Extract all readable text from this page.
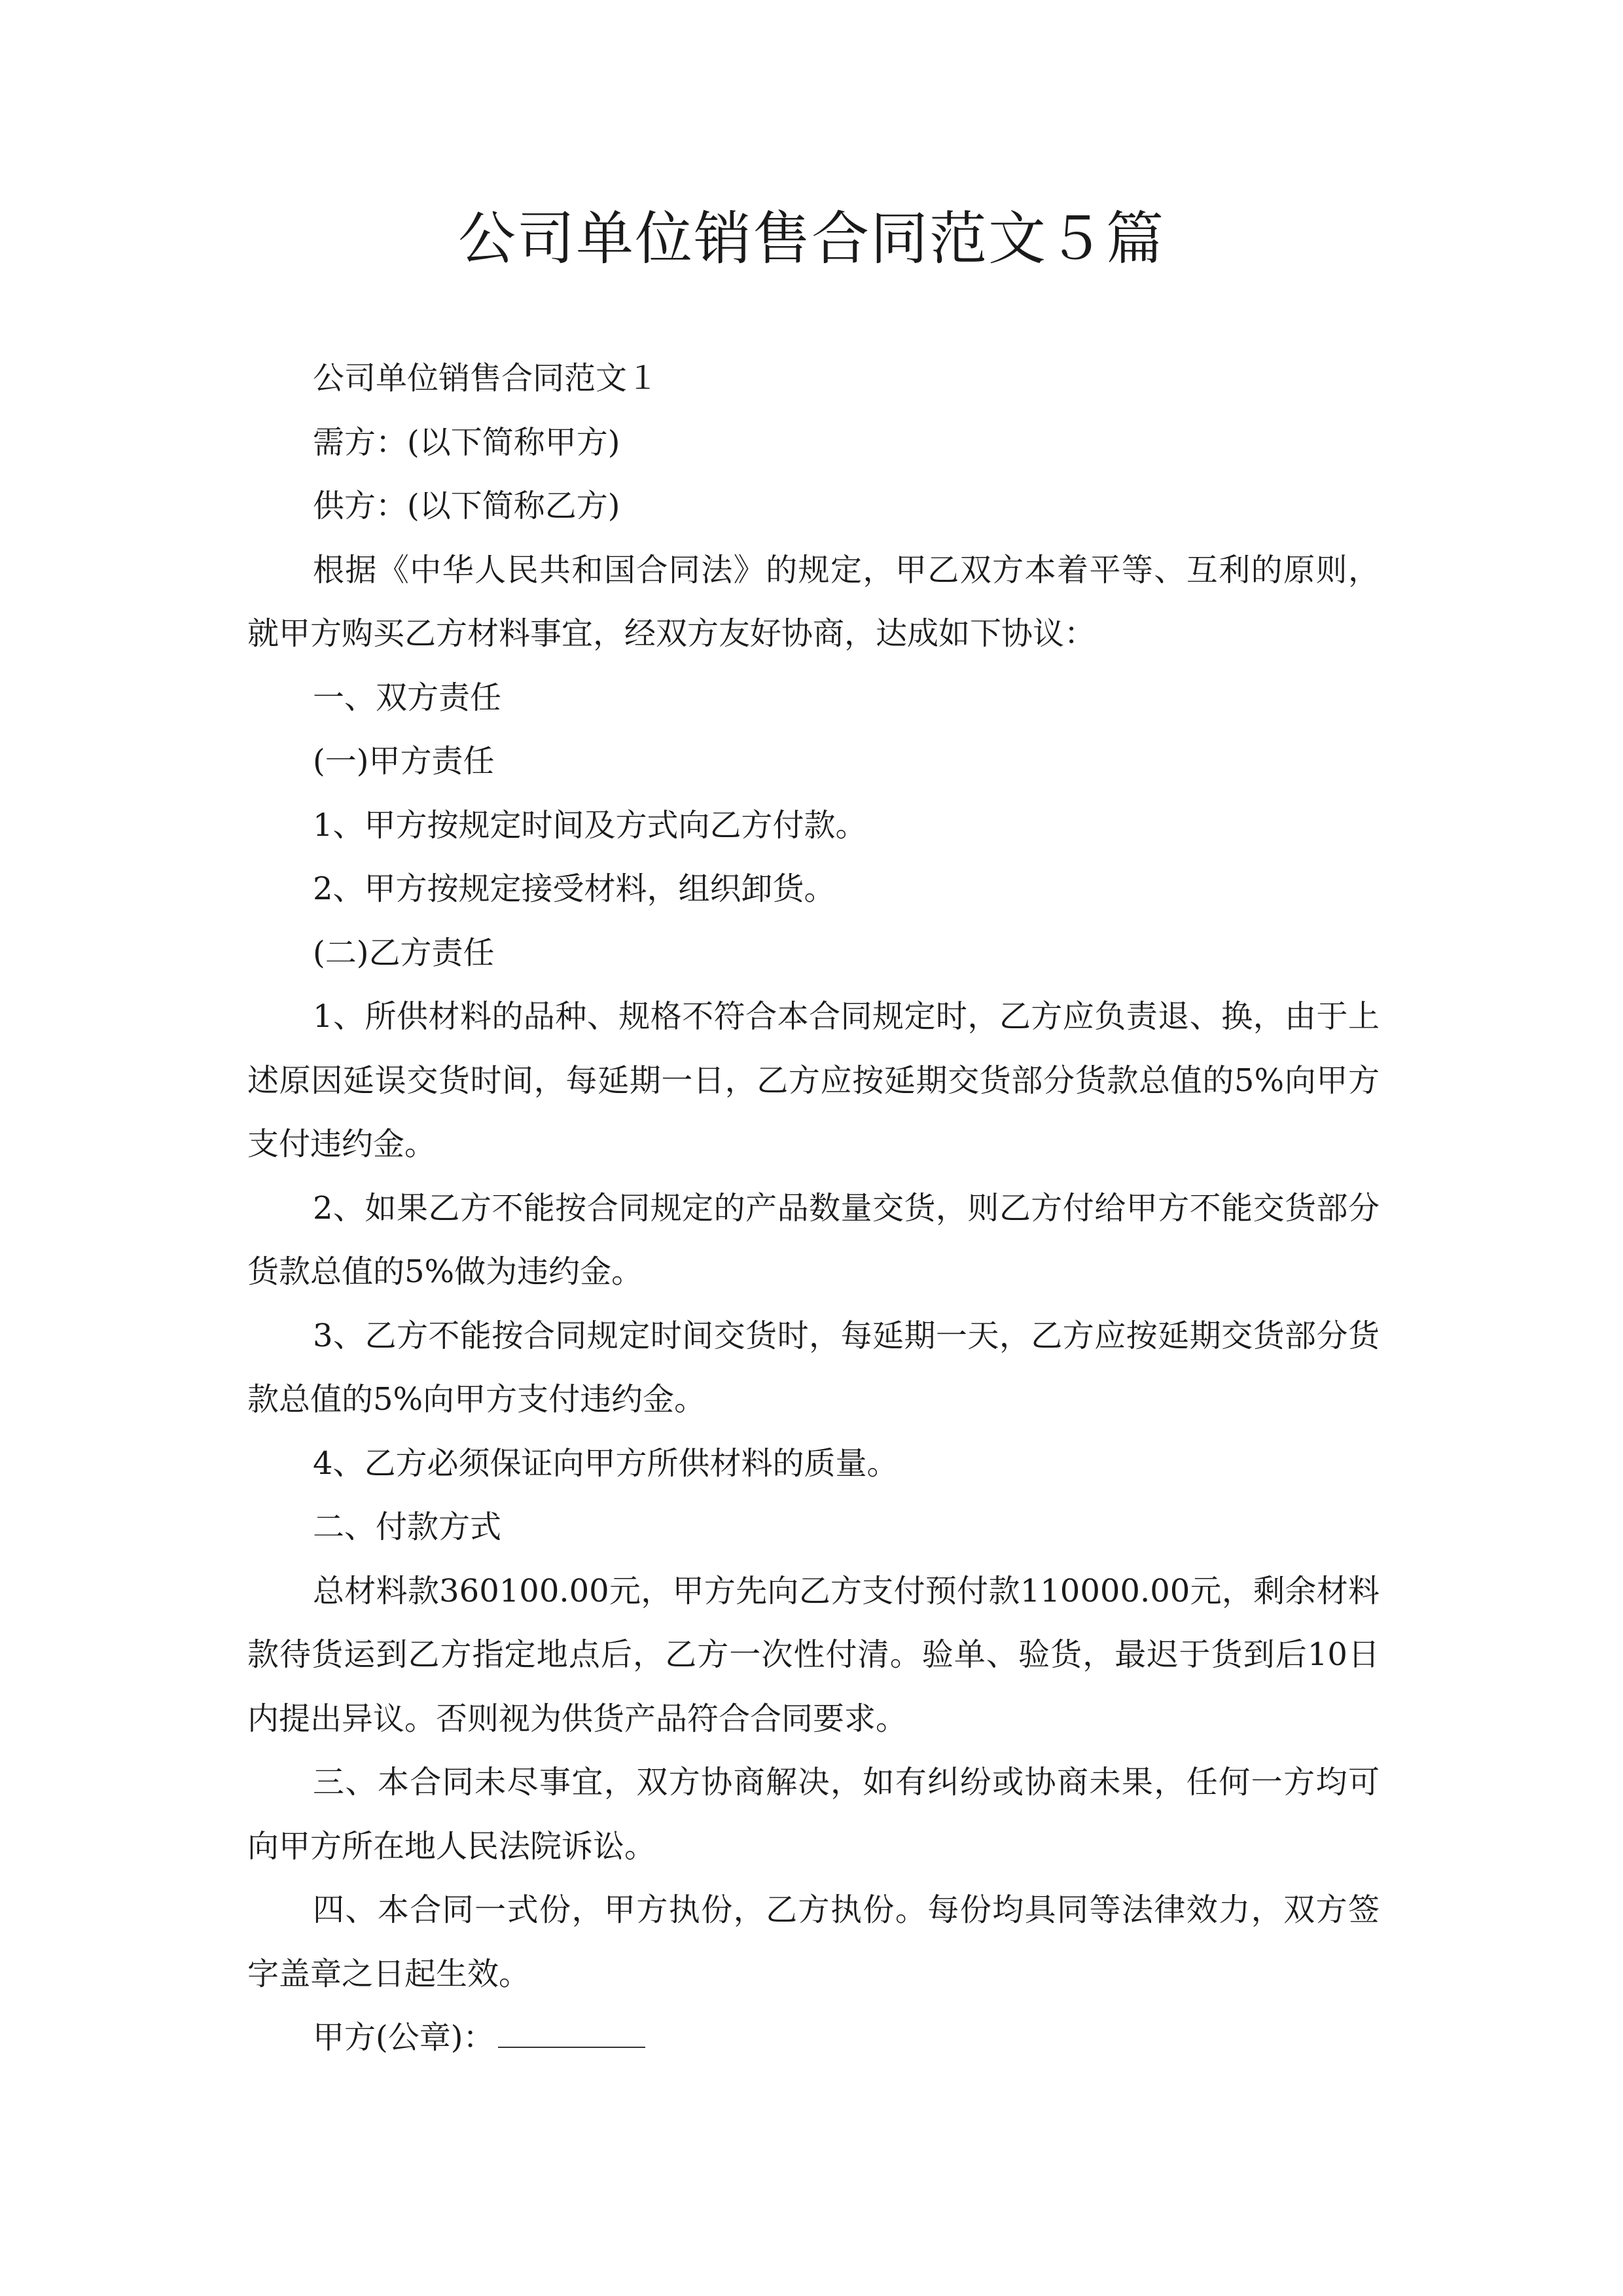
公司单位销售合同范文５篇

公司单位销售合同范文１

需方：(以下简称甲方)

供方：(以下简称乙方)

根据《中华人民共和国合同法》的规定，甲乙双方本着平等、互利的原则，就甲方购买乙方材料事宜，经双方友好协商，达成如下协议：

一、双方责任

(一)甲方责任

1、甲方按规定时间及方式向乙方付款。

2、甲方按规定接受材料，组织卸货。

(二)乙方责任

1、所供材料的品种、规格不符合本合同规定时，乙方应负责退、换，由于上述原因延误交货时间，每延期一日，乙方应按延期交货部分货款总值的5%向甲方支付违约金。

2、如果乙方不能按合同规定的产品数量交货，则乙方付给甲方不能交货部分货款总值的5%做为违约金。

3、乙方不能按合同规定时间交货时，每延期一天，乙方应按延期交货部分货款总值的5%向甲方支付违约金。

4、乙方必须保证向甲方所供材料的质量。

二、付款方式

总材料款360100.00元，甲方先向乙方支付预付款110000.00元，剩余材料款待货运到乙方指定地点后，乙方一次性付清。验单、验货，最迟于货到后10日内提出异议。否则视为供货产品符合合同要求。

三、本合同未尽事宜，双方协商解决，如有纠纷或协商未果，任何一方均可向甲方所在地人民法院诉讼。

四、本合同一式份，甲方执份，乙方执份。每份均具同等法律效力，双方签字盖章之日起生效。

甲方(公章)：
